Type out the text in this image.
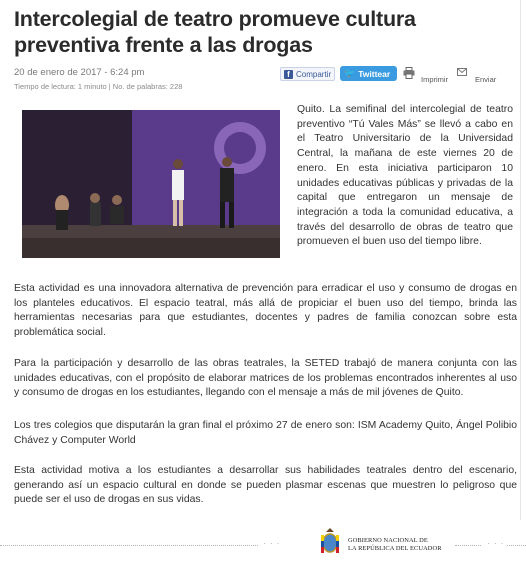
Intercolegial de teatro promueve cultura preventiva frente a las drogas
20 de enero de 2017 - 6:24 pm
Tiempo de lectura: 1 minuto | No. de palabras: 228
f Compartir 🐦 Twittear
Imprimir	Enviar

Quito. La semifinal del intercolegial de teatro preventivo “Tú Vales Más” se llevó a cabo en el Teatro Universitario de la Universidad Central, la mañana de este viernes 20 de enero. En esta iniciativa participaron 10 unidades educativas públicas y privadas de la capital que entregaron un mensaje de integración a toda la comunidad educativa, a través del desarrollo de obras de teatro que promueven el buen uso del tiempo libre.

Esta actividad es una innovadora alternativa de prevención para erradicar el uso y consumo de drogas en los planteles educativos. El espacio teatral, más allá de propiciar el buen uso del tiempo, brinda las herramientas necesarias para que estudiantes, docentes y padres de familia conozcan sobre esta problemática social.

Para la participación y desarrollo de las obras teatrales, la SETED trabajó de manera conjunta con las unidades educativas, con el propósito de elaborar matrices de los problemas encontrados inherentes al uso y consumo de drogas en los estudiantes, llegando con el mensaje a más de mil jóvenes de Quito.

Los tres colegios que disputarán la gran final el próximo 27 de enero son: ISM Academy Quito, Ángel Polibio Chávez y Computer World

Esta actividad motiva a los estudiantes a desarrollar sus habilidades teatrales dentro del escenario, generando así un espacio cultural en donde se pueden plasmar escenas que muestren lo peligroso que puede ser el uso de drogas en sus vidas.

· · ·	GOBIERNO NACIONAL DE
LA REPÚBLICA DEL ECUADOR	· · ·
